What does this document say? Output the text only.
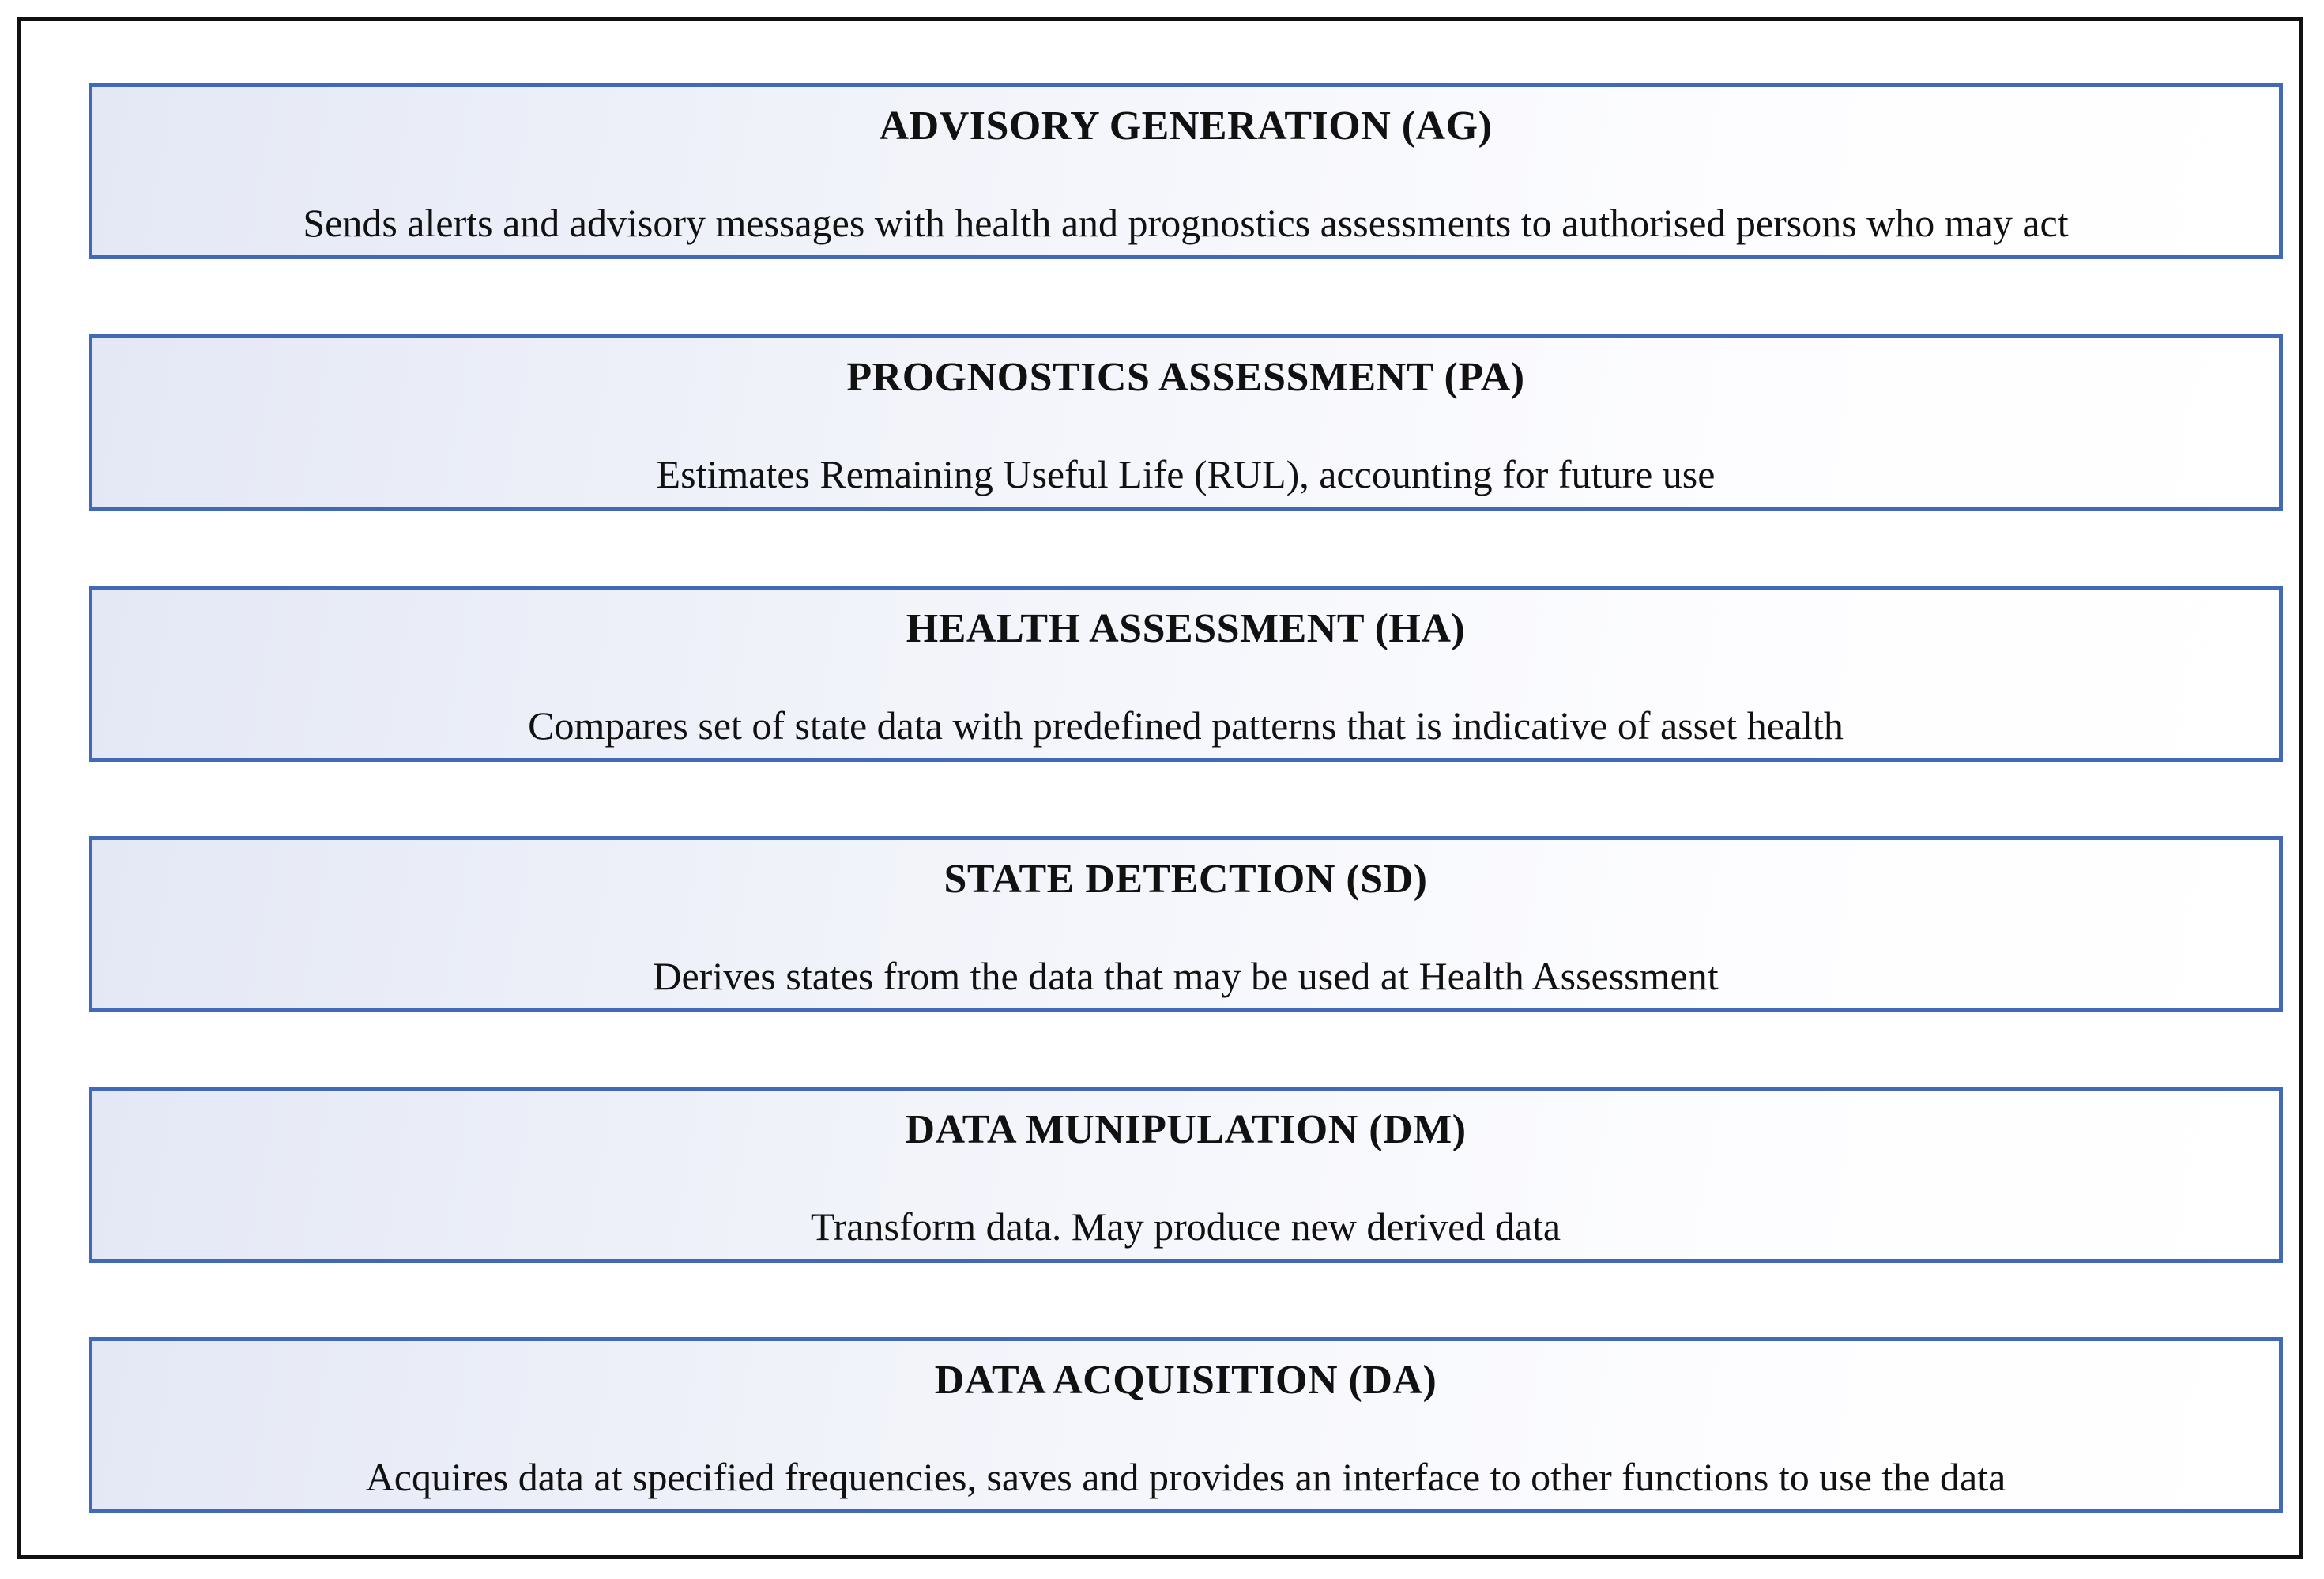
ADVISORY GENERATION (AG)
Sends alerts and advisory messages with health and prognostics assessments to authorised persons who may act
PROGNOSTICS ASSESSMENT (PA)
Estimates Remaining Useful Life (RUL), accounting for future use
HEALTH ASSESSMENT (HA)
Compares set of state data with predefined patterns that is indicative of asset health
STATE DETECTION (SD)
Derives states from the data that may be used at Health Assessment
DATA MUNIPULATION (DM)
Transform data. May produce new derived data
DATA ACQUISITION (DA)
Acquires data at specified frequencies, saves and provides an interface to other functions to use the data
